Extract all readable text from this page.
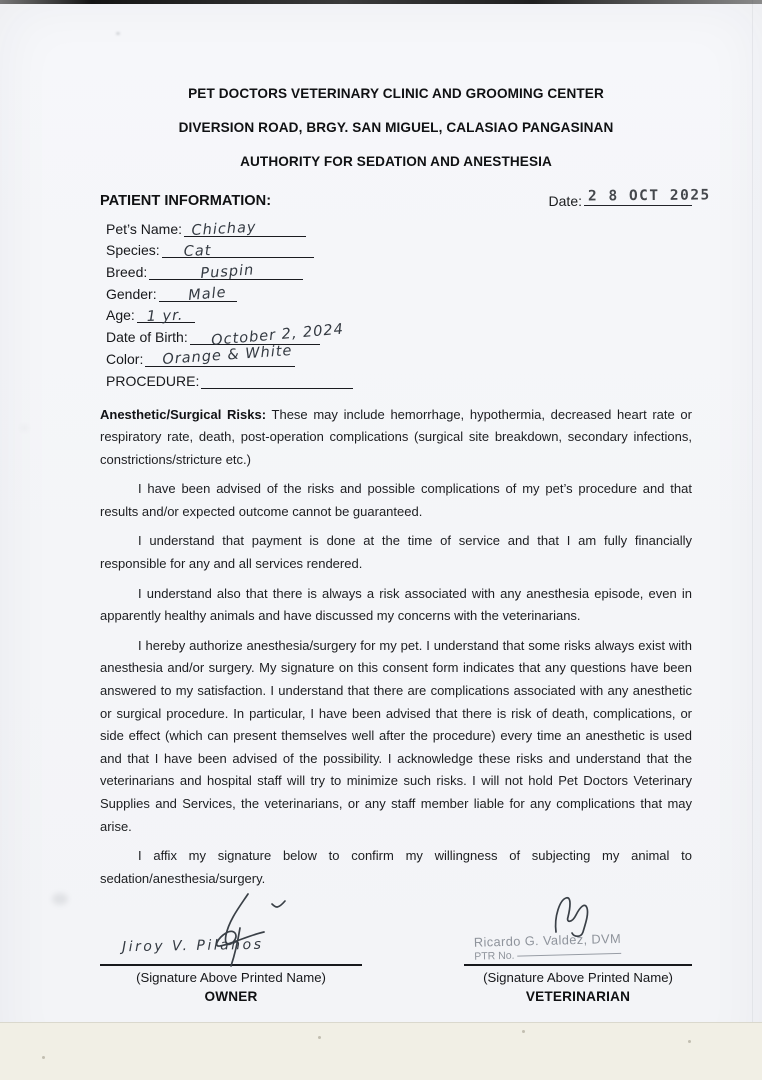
PET DOCTORS VETERINARY CLINIC AND GROOMING CENTER
DIVERSION ROAD, BRGY. SAN MIGUEL, CALASIAO PANGASINAN
AUTHORITY FOR SEDATION AND ANESTHESIA
PATIENT INFORMATION:	Date: 2 8 OCT 2025
Pet’s Name: Chichay
Species: Cat
Breed:	Puspin
Gender: Male
Age: 1 yr.
Date of Birth: October 2, 2024
Color: Orange & White
PROCEDURE:

Anesthetic/Surgical Risks: These may include hemorrhage, hypothermia, decreased heart rate or respiratory rate, death, post-operation complications (surgical site breakdown, secondary infections, constrictions/stricture etc.)

I have been advised of the risks and possible complications of my pet’s procedure and that results and/or expected outcome cannot be guaranteed.

I understand that payment is done at the time of service and that I am fully financially responsible for any and all services rendered.

I understand also that there is always a risk associated with any anesthesia episode, even in apparently healthy animals and have discussed my concerns with the veterinarians.

I hereby authorize anesthesia/surgery for my pet. I understand that some risks always exist with anesthesia and/or surgery. My signature on this consent form indicates that any questions have been answered to my satisfaction. I understand that there are complications associated with any anesthetic or surgical procedure. In particular, I have been advised that there is risk of death, complications, or side effect (which can present themselves well after the procedure) every time an anesthetic is used and that I have been advised of the possibility. I acknowledge these risks and understand that the veterinarians and hospital staff will try to minimize such risks. I will not hold Pet Doctors Veterinary Supplies and Services, the veterinarians, or any staff member liable for any complications that may arise.

I affix my signature below to confirm my willingness of subjecting my animal to sedation/anesthesia/surgery.

Jiroy V. Pilanos
(Signature Above Printed Name)
OWNER
Ricardo G. Valdez, DVM
PTR No.
(Signature Above Printed Name)
VETERINARIAN
